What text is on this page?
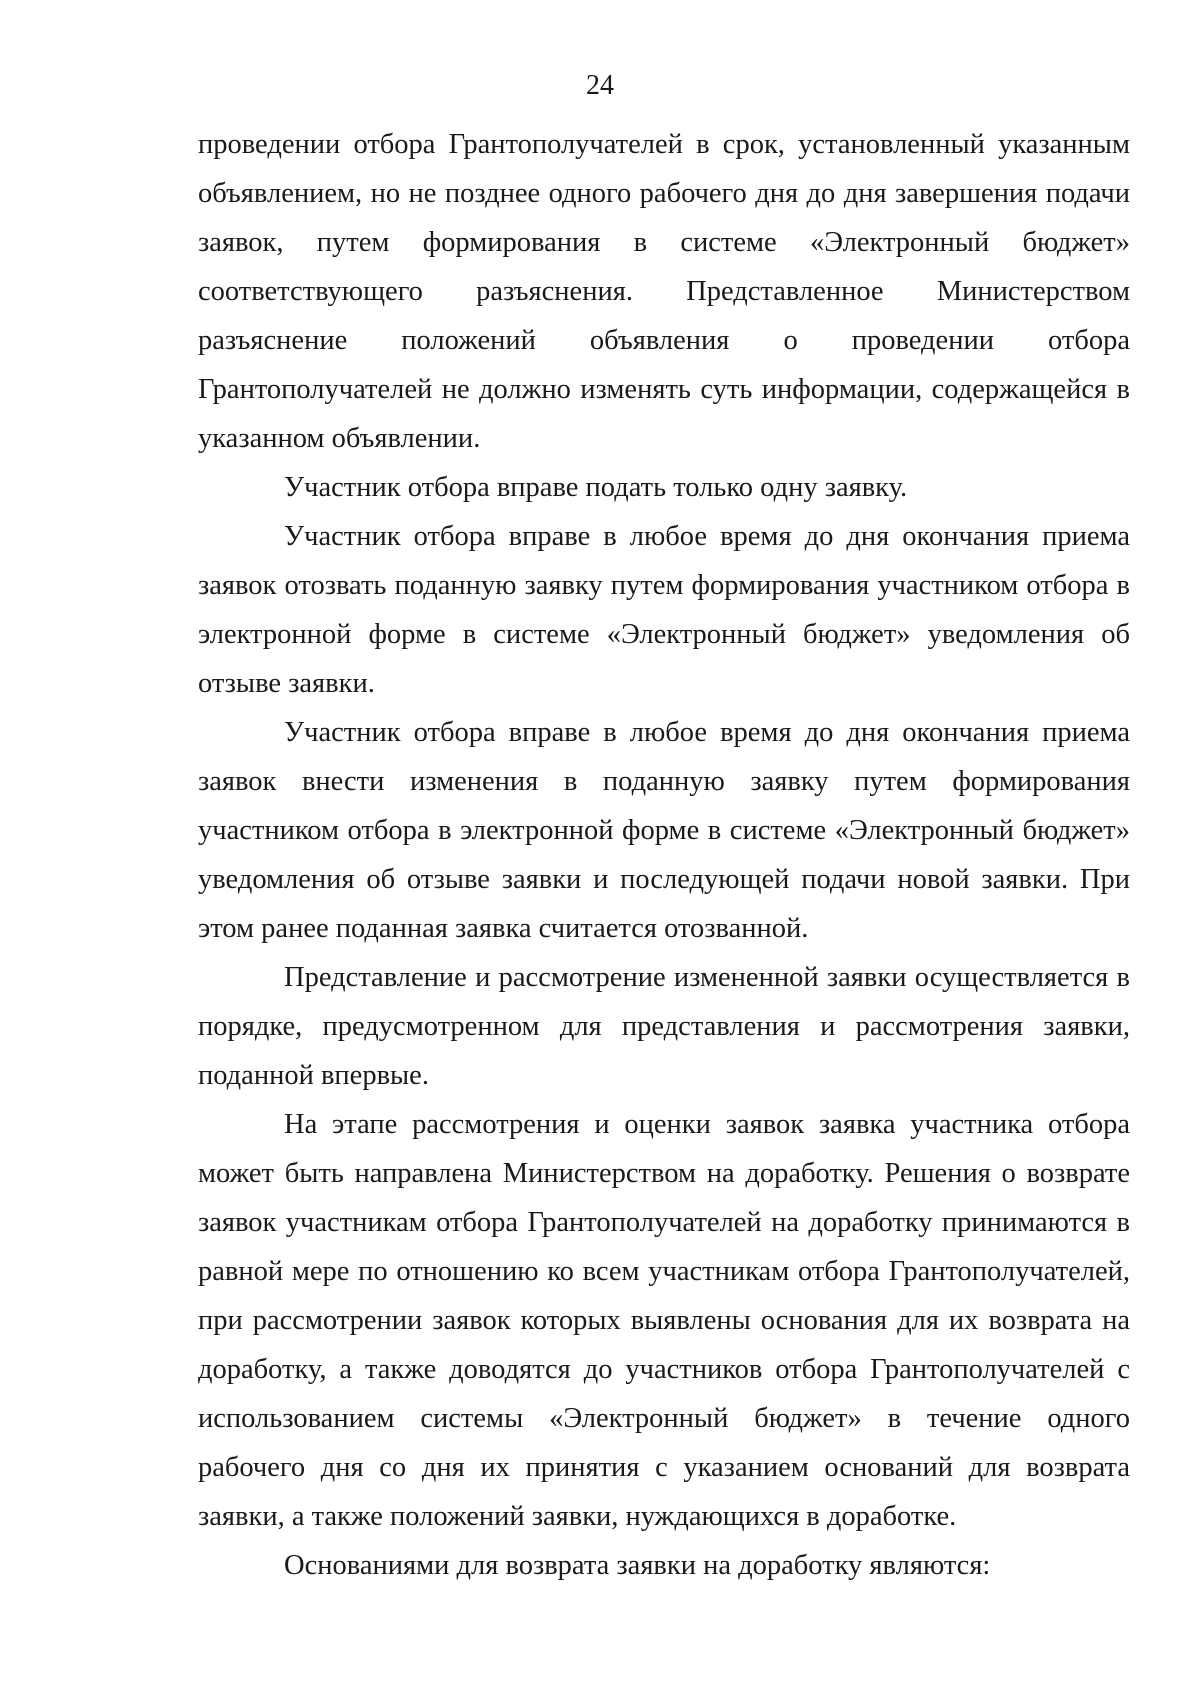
24

проведении отбора Грантополучателей в срок, установленный указанным объявлением, но не позднее одного рабочего дня до дня завершения подачи заявок, путем формирования в системе «Электронный бюджет» соответствующего разъяснения. Представленное Министерством разъяснение положений объявления о проведении отбора Грантополучателей не должно изменять суть информации, содержащейся в указанном объявлении.

Участник отбора вправе подать только одну заявку.

Участник отбора вправе в любое время до дня окончания приема заявок отозвать поданную заявку путем формирования участником отбора в электронной форме в системе «Электронный бюджет» уведомления об отзыве заявки.

Участник отбора вправе в любое время до дня окончания приема заявок внести изменения в поданную заявку путем формирования участником отбора в электронной форме в системе «Электронный бюджет» уведомления об отзыве заявки и последующей подачи новой заявки. При этом ранее поданная заявка считается отозванной.

Представление и рассмотрение измененной заявки осуществляется в порядке, предусмотренном для представления и рассмотрения заявки, поданной впервые.

На этапе рассмотрения и оценки заявок заявка участника отбора может быть направлена Министерством на доработку. Решения о возврате заявок участникам отбора Грантополучателей на доработку принимаются в равной мере по отношению ко всем участникам отбора Грантополучателей, при рассмотрении заявок которых выявлены основания для их возврата на доработку, а также доводятся до участников отбора Грантополучателей с использованием системы «Электронный бюджет» в течение одного рабочего дня со дня их принятия с указанием оснований для возврата заявки, а также положений заявки, нуждающихся в доработке.

Основаниями для возврата заявки на доработку являются:
